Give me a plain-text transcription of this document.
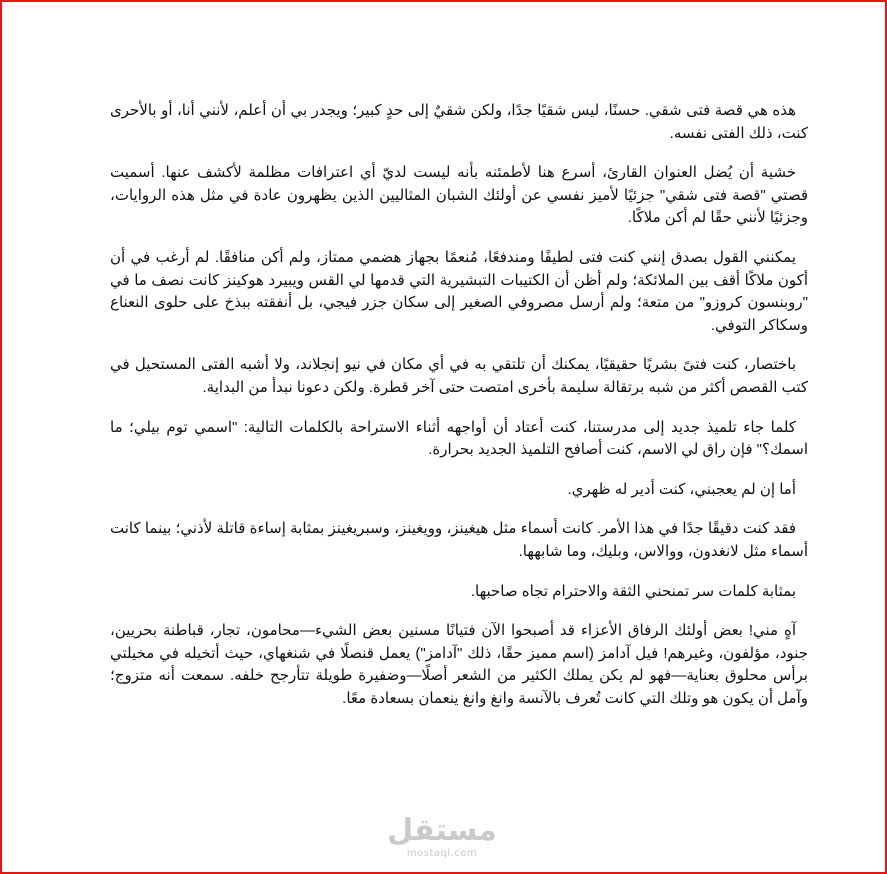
هذه هي قصة فتى شقي. حسنًا، ليس شقيًا جدًا، ولكن شقيٌ إلى حدٍ كبير؛ ويجدر بي أن أعلم، لأنني أنا، أو بالأحرى كنت، ذلك الفتى نفسه.

خشية أن يُضل العنوان القارئ، أسرع هنا لأطمئنه بأنه ليست لديّ أي اعترافات مظلمة لأكشف عنها. أسميت قصتي "قصة فتى شقي" جزئيًا لأميز نفسي عن أولئك الشبان المثاليين الذين يظهرون عادة في مثل هذه الروايات، وجزئيًا لأنني حقًا لم أكن ملاكًا.

يمكنني القول بصدق إنني كنت فتى لطيفًا ومندفعًا، مُنعمًا بجهاز هضمي ممتاز، ولم أكن منافقًا. لم أرغب في أن أكون ملاكًا أقف بين الملائكة؛ ولم أظن أن الكتيبات التبشيرية التي قدمها لي القس ويبيرد هوكينز كانت نصف ما في "روبنسون كروزو" من متعة؛ ولم أرسل مصروفي الصغير إلى سكان جزر فيجي، بل أنفقته ببذخ على حلوى النعناع وسكاكر التوفي.

باختصار، كنت فتىً بشريًا حقيقيًا، يمكنك أن تلتقي به في أي مكان في نيو إنجلاند، ولا أشبه الفتى المستحيل في كتب القصص أكثر من شبه برتقالة سليمة بأخرى امتصت حتى آخر قطرة. ولكن دعونا نبدأ من البداية.

كلما جاء تلميذ جديد إلى مدرستنا، كنت أعتاد أن أواجهه أثناء الاستراحة بالكلمات التالية: "اسمي توم بيلي؛ ما اسمك؟" فإن راق لي الاسم، كنت أصافح التلميذ الجديد بحرارة.

أما إن لم يعجبني، كنت أدير له ظهري.

فقد كنت دقيقًا جدًا في هذا الأمر. كانت أسماء مثل هيغينز، وويغينز، وسبريغينز بمثابة إساءة قاتلة لأذني؛ بينما كانت أسماء مثل لانغدون، ووالاس، وبليك، وما شابهها.

بمثابة كلمات سر تمنحني الثقة والاحترام تجاه صاحبها.

آهٍ مني! بعض أولئك الرفاق الأعزاء قد أصبحوا الآن فتيانًا مسنين بعض الشيء—محامون، تجار، قباطنة بحريين، جنود، مؤلفون، وغيرهم! فيل آدامز (اسم مميز حقًا، ذلك "آدامز") يعمل قنصلًا في شنغهاي، حيث أتخيله في مخيلتي برأس محلوق بعناية—فهو لم يكن يملك الكثير من الشعر أصلًا—وضفيرة طويلة تتأرجح خلفه. سمعت أنه متزوج؛ وآمل أن يكون هو وتلك التي كانت تُعرف بالآنسة وانغ وانغ ينعمان بسعادة معًا.

مستقل
mostaql.com
